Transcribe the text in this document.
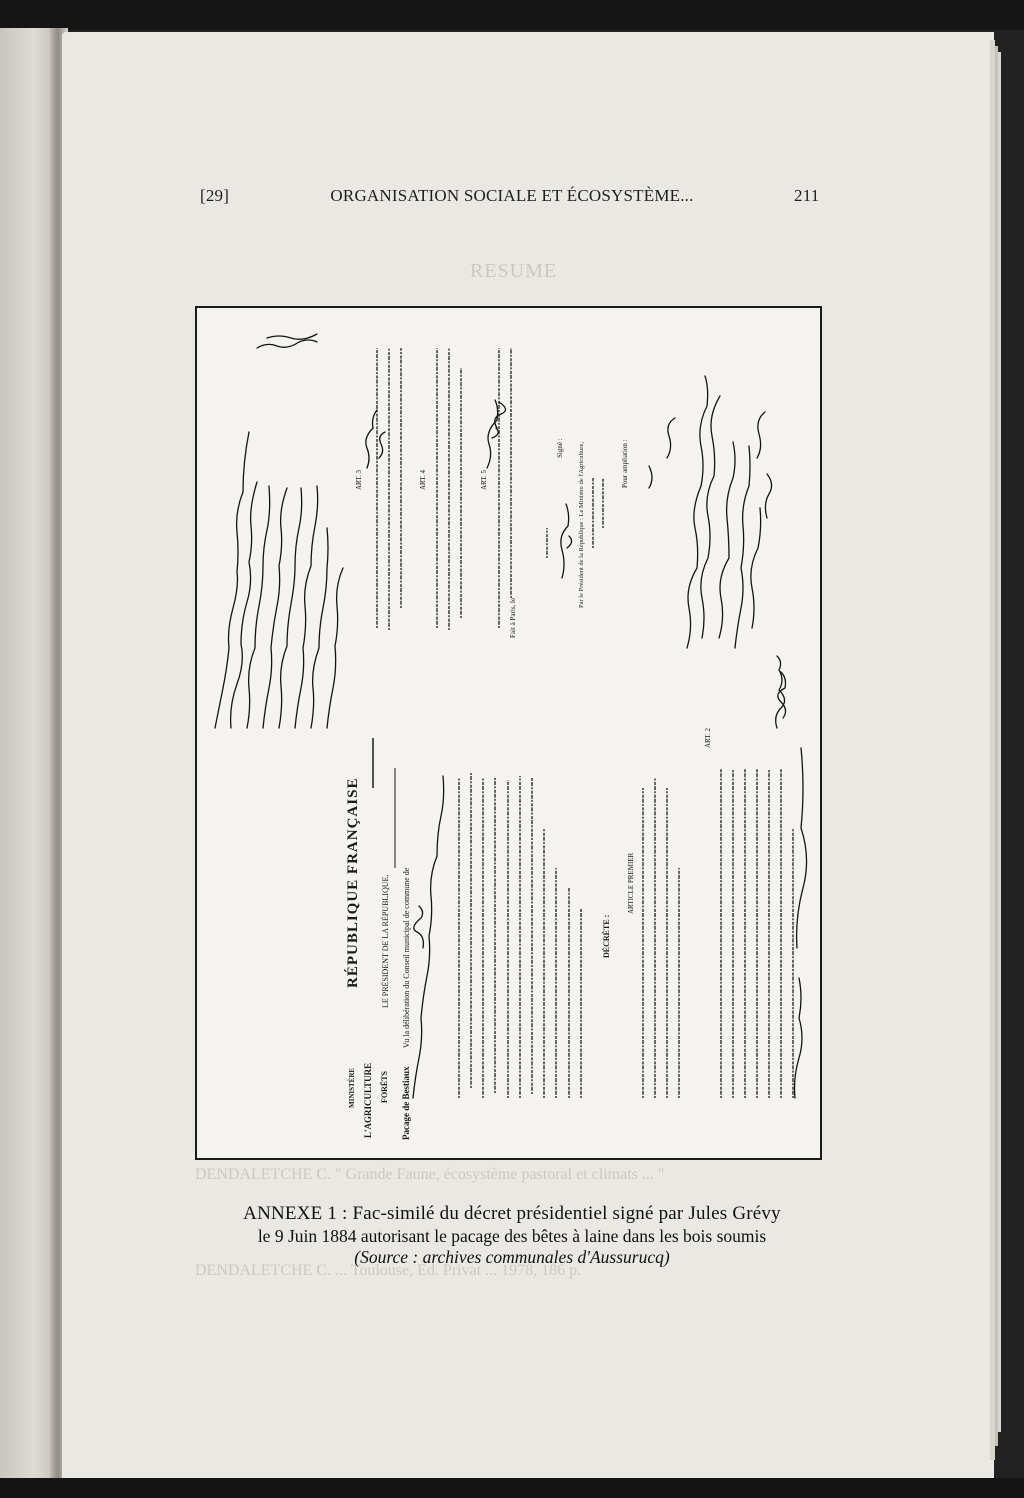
RESUME
DENDALETCHE C. " Grande Faune, écosystème pastoral et climats ... "
DENDALETCHE C. ... Toulouse, Ed. Privat ... 1978, 186 p.
[29]	ORGANISATION SOCIALE ET ÉCOSYSTÈME...	211
MINISTÈRE L'AGRICULTURE FORÊTS Pacage de Bestiaux
RÉPUBLIQUE FRANÇAISE	LE PRÉSIDENT DE LA RÉPUBLIQUE, Vu la délibération du Conseil municipal de commune de	DÉCRÈTE :
ARTICLE PREMIER
ART. 2
ART. 3	ART. 4	ART. 5
Fait à Paris, le
Signé :	Pour ampliation :
Par le Président de la République : Le Ministre de l'Agriculture,
ANNEXE 1 : Fac-similé du décret présidentiel signé par Jules Grévy
le 9 Juin 1884 autorisant le pacage des bêtes à laine dans les bois soumis
(Source : archives communales d'Aussurucq)
